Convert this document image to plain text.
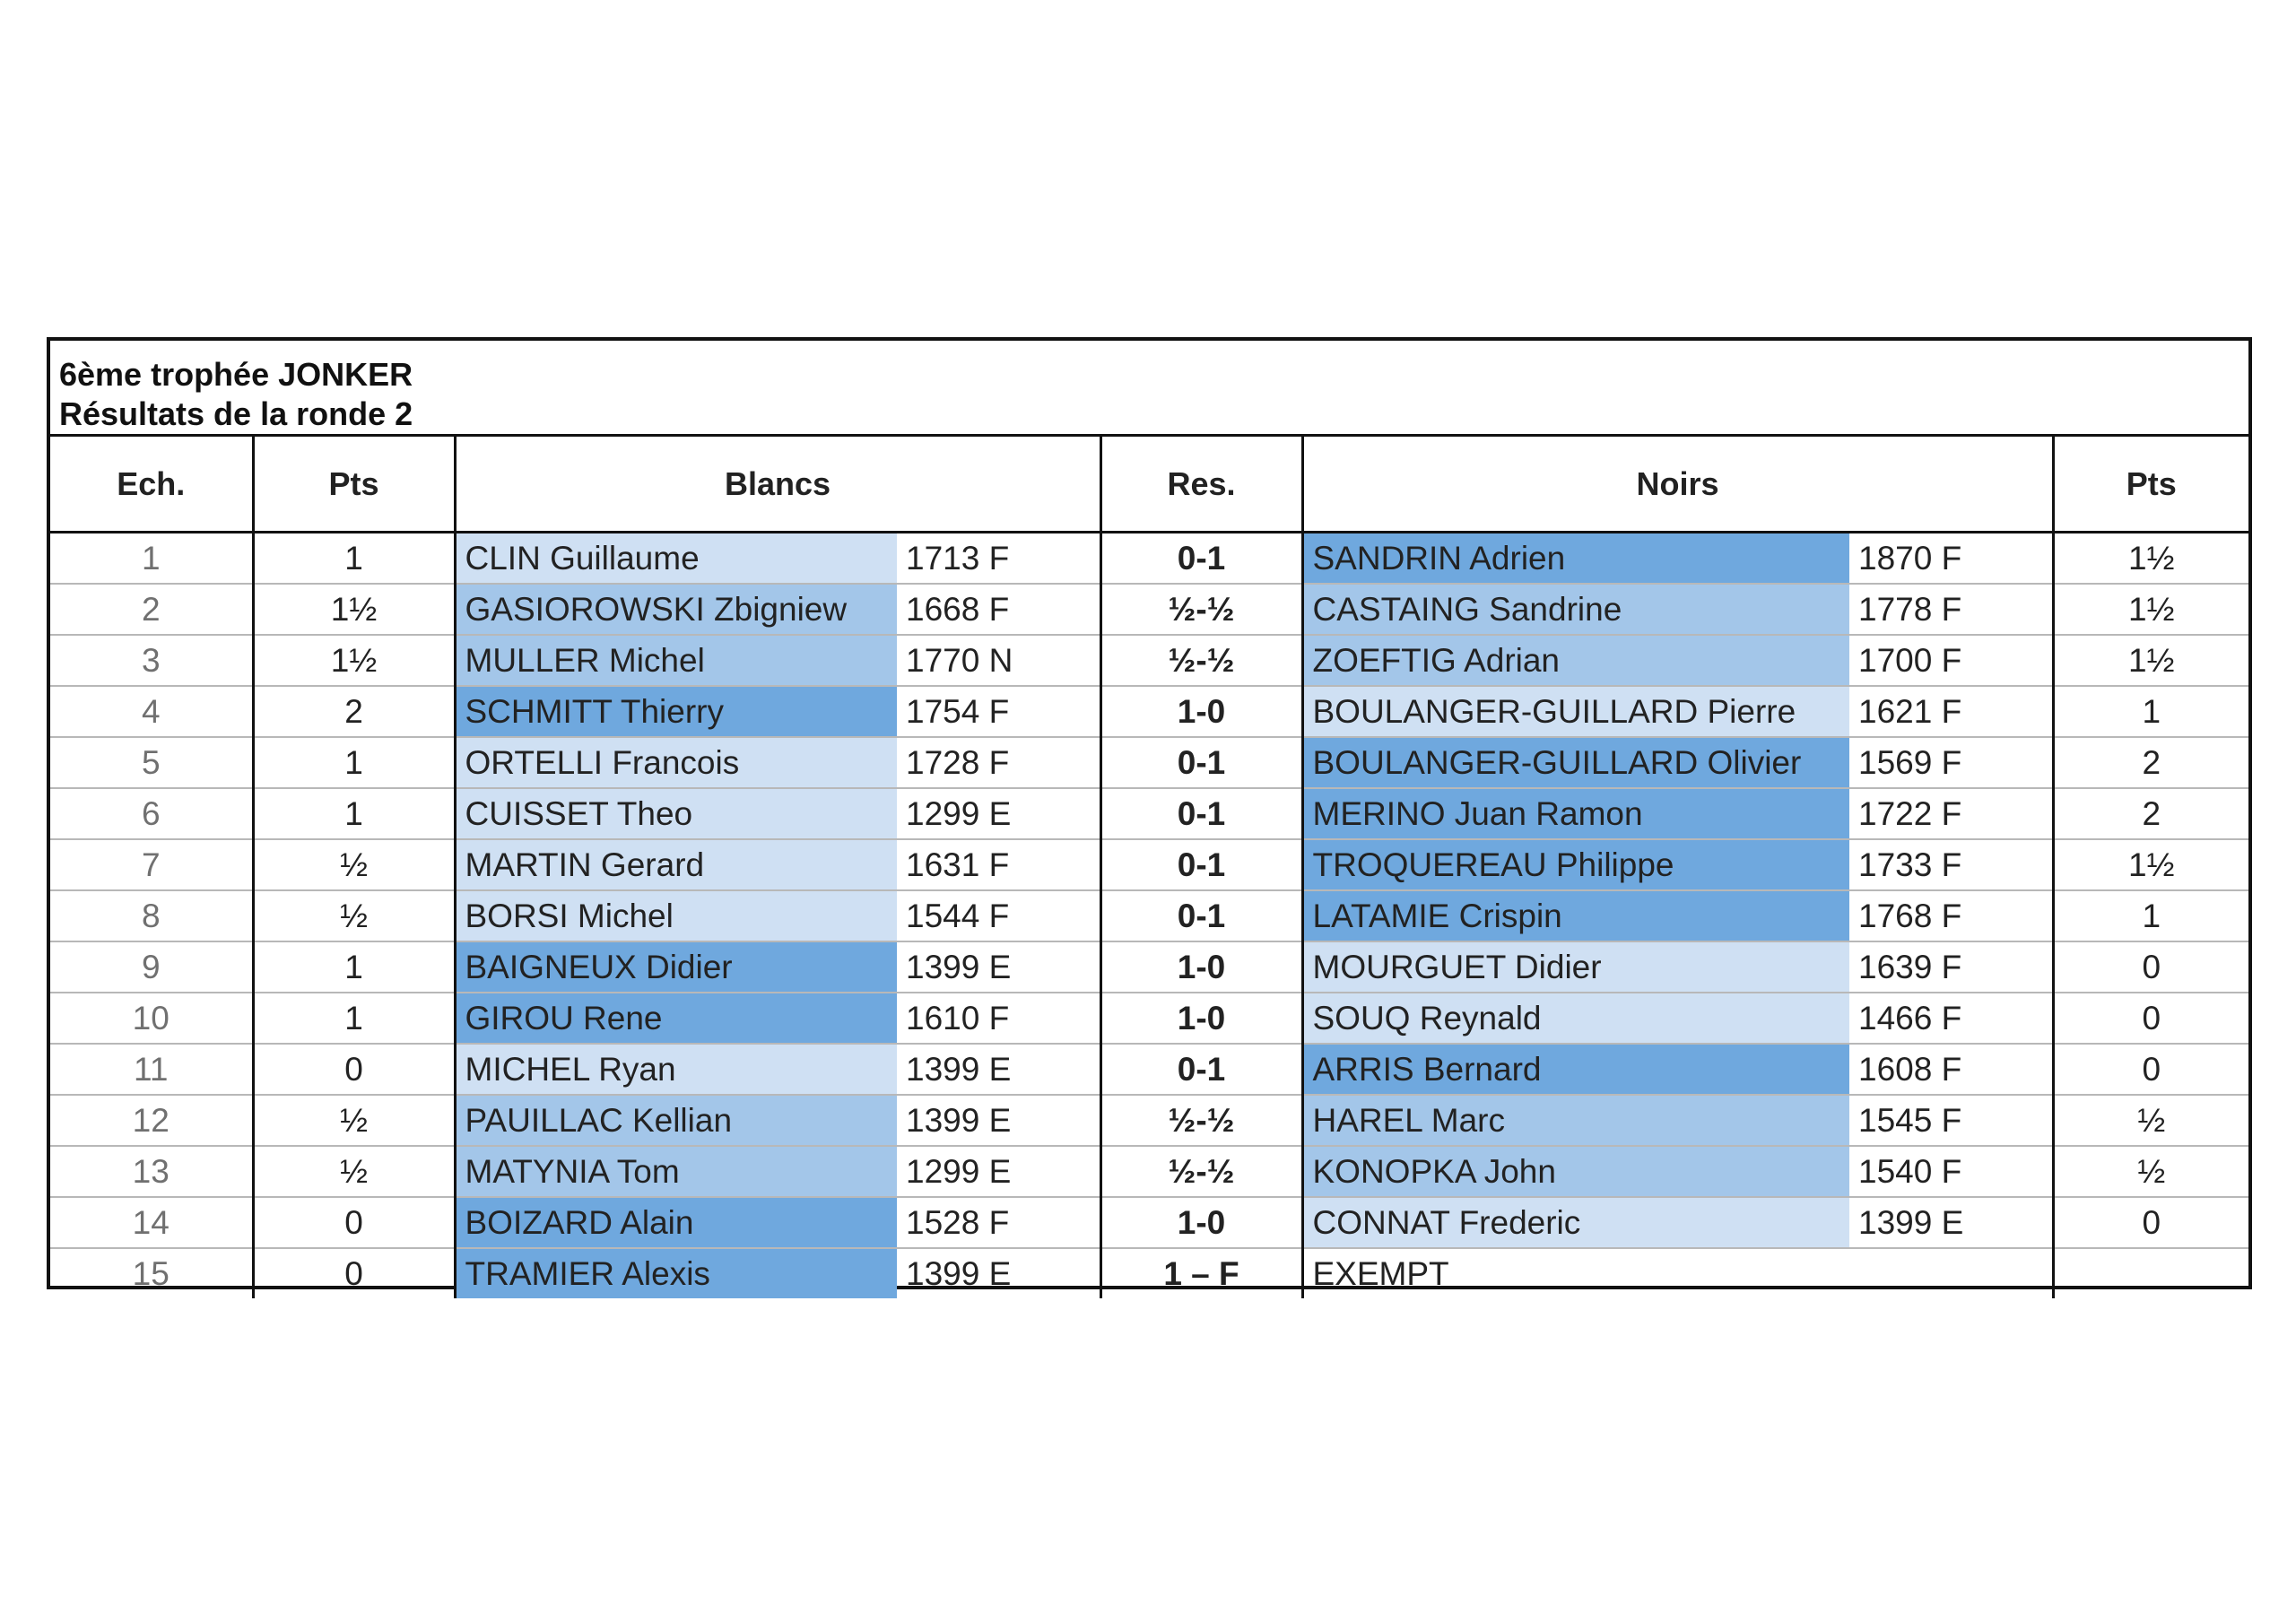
6ème trophée JONKER
Résultats de la ronde 2
Ech.	Pts	Blancs		Res.	Noirs		Pts
1	1	CLIN Guillaume	1713 F	0-1	SANDRIN Adrien	1870 F	1½
2	1½	GASIOROWSKI Zbigniew	1668 F	½-½	CASTAING Sandrine	1778 F	1½
3	1½	MULLER Michel	1770 N	½-½	ZOEFTIG Adrian	1700 F	1½
4	2	SCHMITT Thierry	1754 F	1-0	BOULANGER-GUILLARD Pierre	1621 F	1
5	1	ORTELLI Francois	1728 F	0-1	BOULANGER-GUILLARD Olivier	1569 F	2
6	1	CUISSET Theo	1299 E	0-1	MERINO Juan Ramon	1722 F	2
7	½	MARTIN Gerard	1631 F	0-1	TROQUEREAU Philippe	1733 F	1½
8	½	BORSI Michel	1544 F	0-1	LATAMIE Crispin	1768 F	1
9	1	BAIGNEUX Didier	1399 E	1-0	MOURGUET Didier	1639 F	0
10	1	GIROU Rene	1610 F	1-0	SOUQ Reynald	1466 F	0
11	0	MICHEL Ryan	1399 E	0-1	ARRIS Bernard	1608 F	0
12	½	PAUILLAC Kellian	1399 E	½-½	HAREL Marc	1545 F	½
13	½	MATYNIA Tom	1299 E	½-½	KONOPKA John	1540 F	½
14	0	BOIZARD Alain	1528 F	1-0	CONNAT Frederic	1399 E	0
15	0	TRAMIER Alexis	1399 E	1 – F	EXEMPT		
